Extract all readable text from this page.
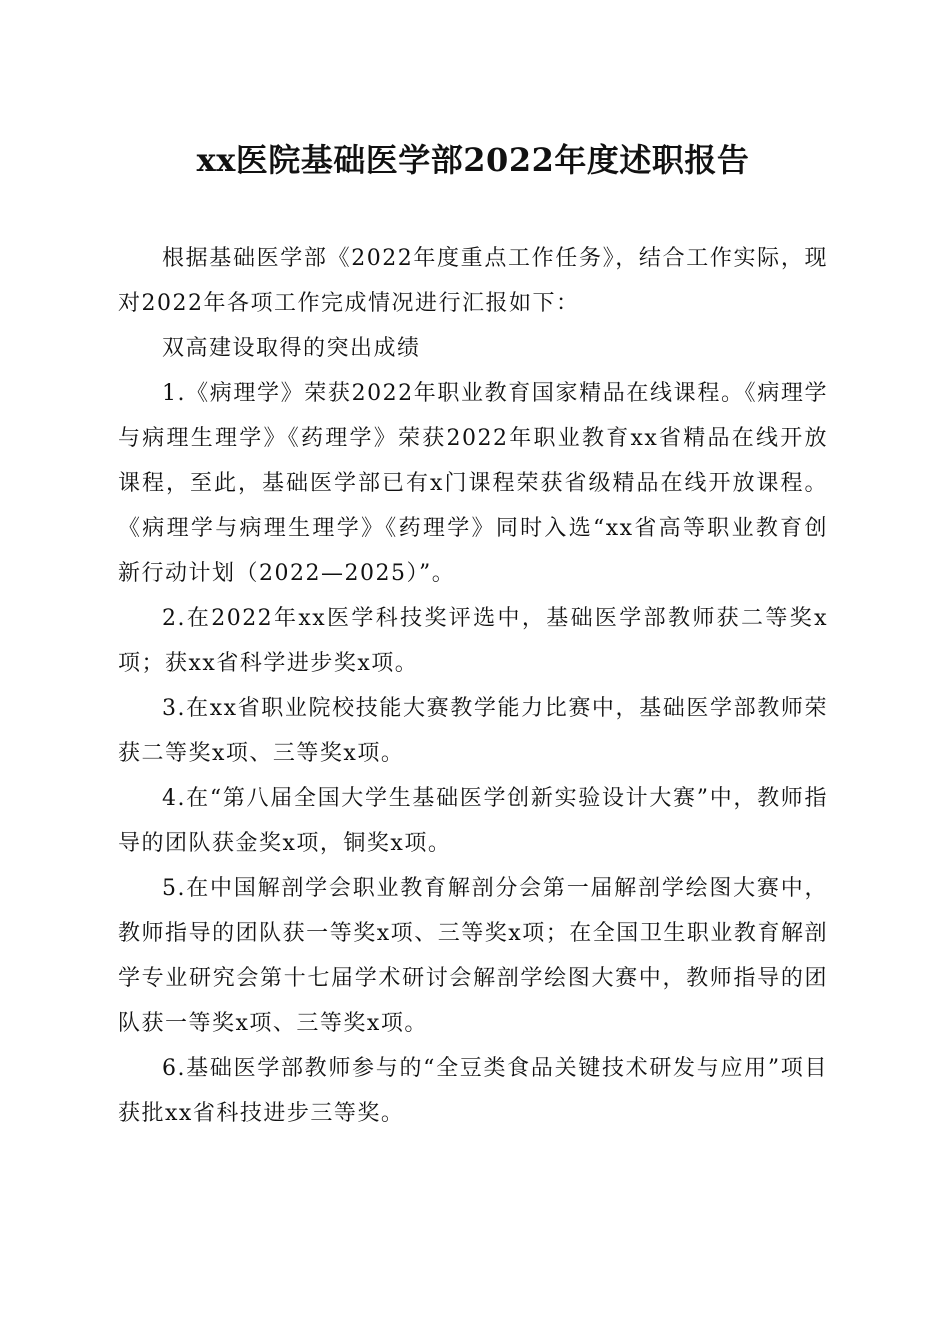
xx医院基础医学部2022年度述职报告

根据基础医学部《2022年度重点工作任务》，结合工作实际，现对2022年各项工作完成情况进行汇报如下：

双高建设取得的突出成绩

1.《病理学》荣获2022年职业教育国家精品在线课程。《病理学与病理生理学》《药理学》荣获2022年职业教育xx省精品在线开放课程，至此，基础医学部已有x门课程荣获省级精品在线开放课程。《病理学与病理生理学》《药理学》同时入选“xx省高等职业教育创新行动计划（2022—2025）”。

2.在2022年xx医学科技奖评选中，基础医学部教师获二等奖x项；获xx省科学进步奖x项。

3.在xx省职业院校技能大赛教学能力比赛中，基础医学部教师荣获二等奖x项、三等奖x项。

4.在“第八届全国大学生基础医学创新实验设计大赛”中，教师指导的团队获金奖x项，铜奖x项。

5.在中国解剖学会职业教育解剖分会第一届解剖学绘图大赛中，教师指导的团队获一等奖x项、三等奖x项；在全国卫生职业教育解剖学专业研究会第十七届学术研讨会解剖学绘图大赛中，教师指导的团队获一等奖x项、三等奖x项。

6.基础医学部教师参与的“全豆类食品关键技术研发与应用”项目获批xx省科技进步三等奖。
